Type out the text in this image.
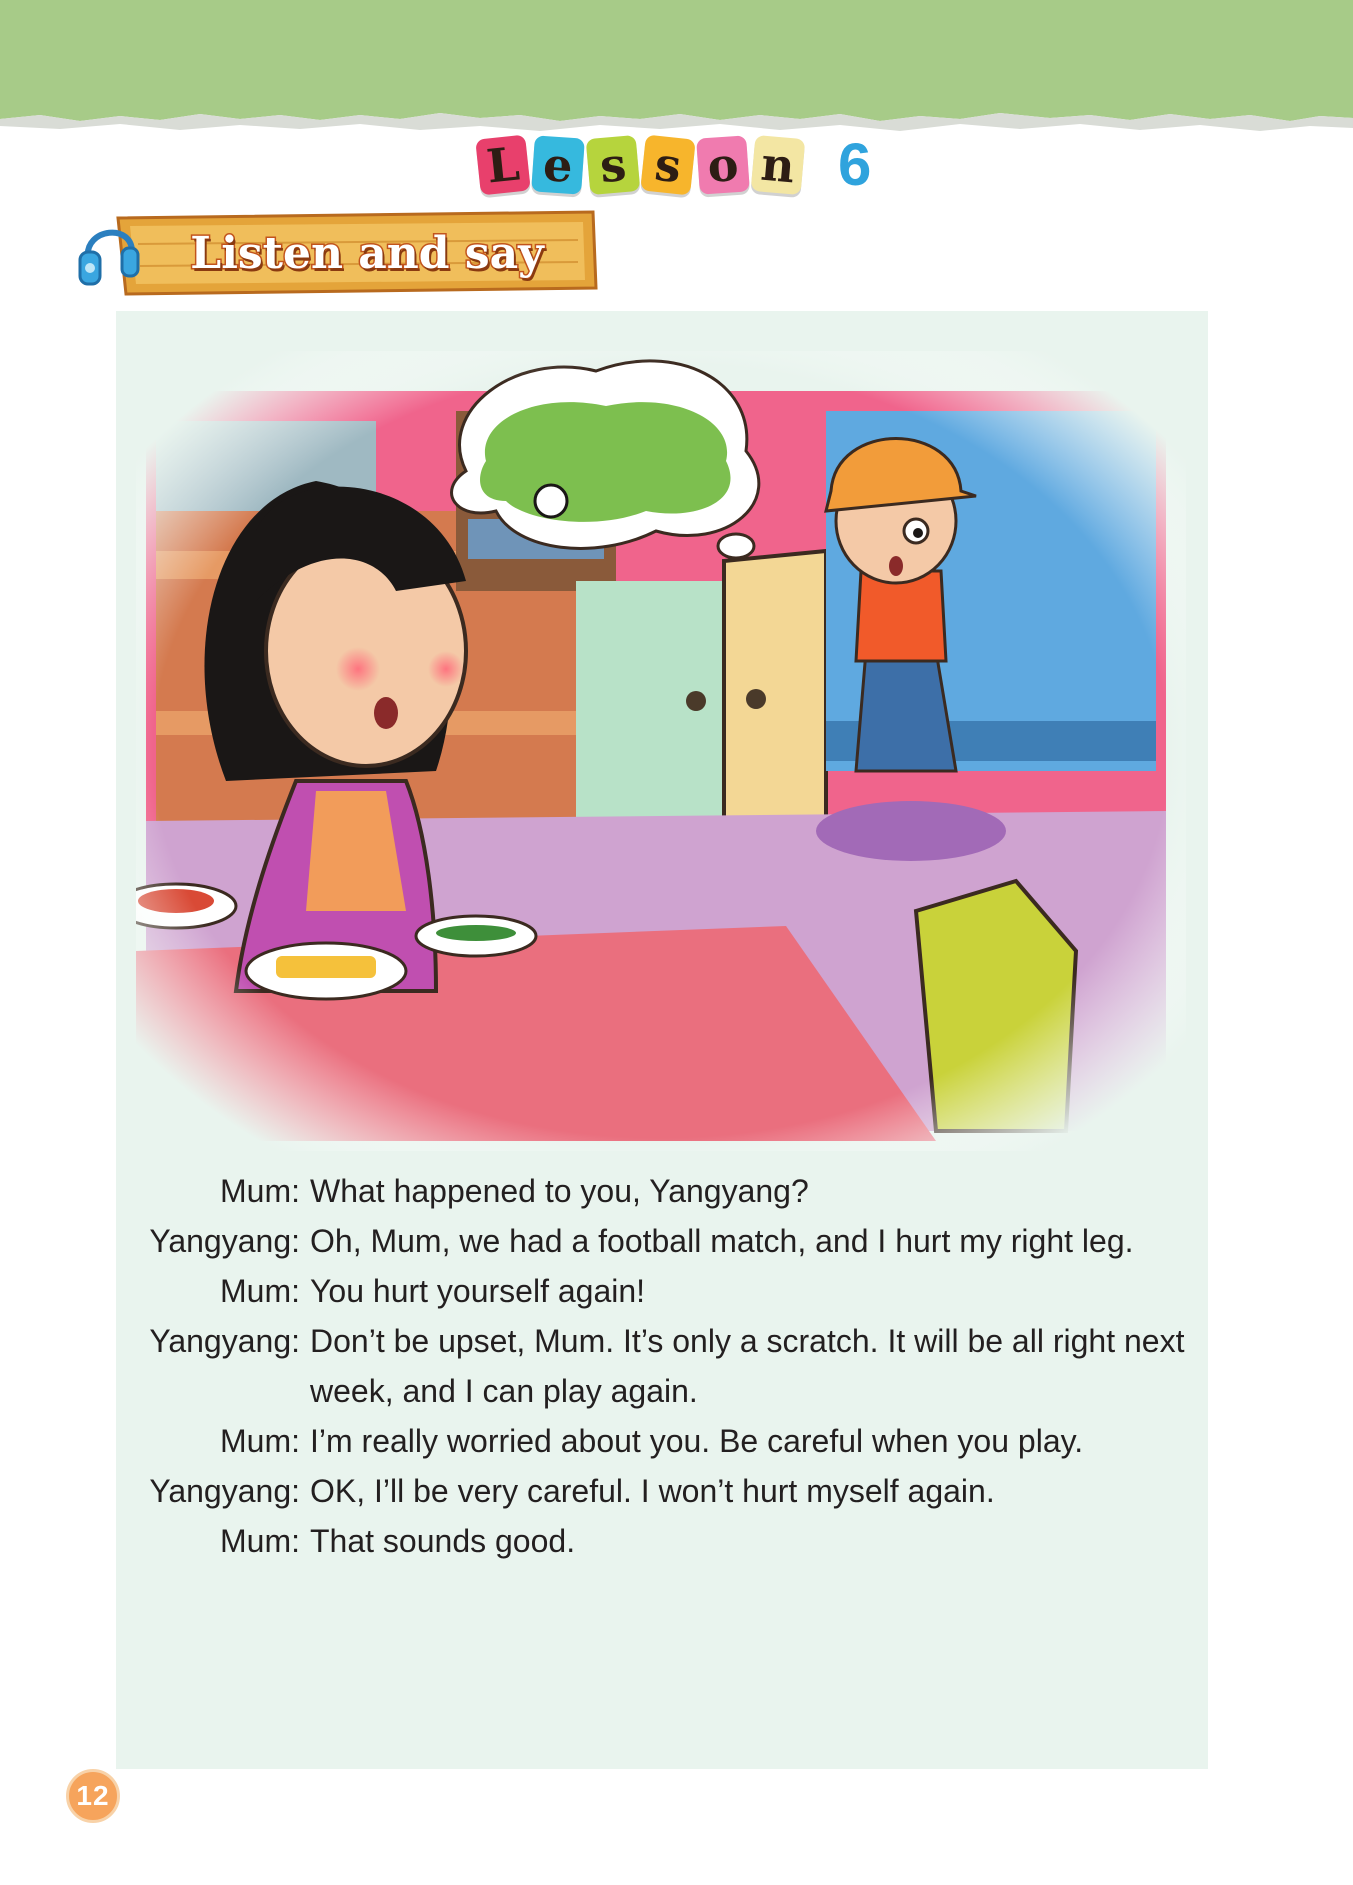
L e s s o n 6
Listen and say
Mum: What happened to you, Yangyang?
Yangyang: Oh, Mum, we had a football match, and I hurt my right leg.
Mum: You hurt yourself again!
Yangyang: Don’t be upset, Mum. It’s only a scratch. It will be all right next week, and I can play again.
Mum: I’m really worried about you. Be careful when you play.
Yangyang: OK, I’ll be very careful. I won’t hurt myself again.
Mum: That sounds good.
12
